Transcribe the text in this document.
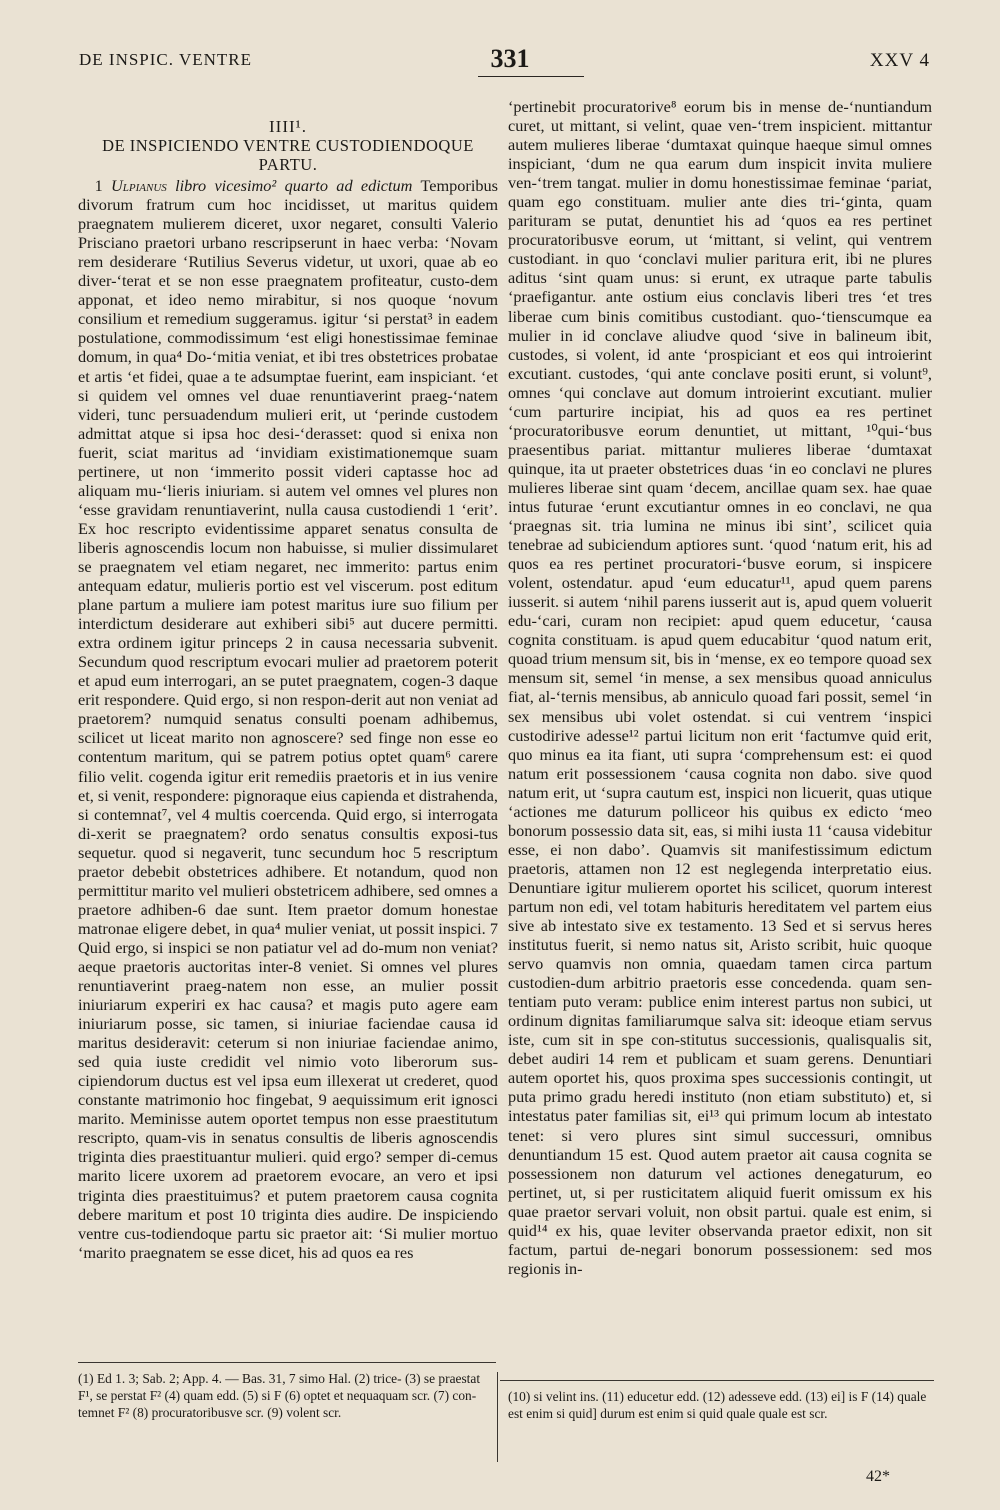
DE INSPIC. VENTRE	331	XXV 4
IIII¹.
DE INSPICIENDO VENTRE CUSTODIENDOQUE PARTU.

1 Ulpianus libro vicesimo² quarto ad edictum Temporibus divorum fratrum cum hoc incidisset, ut maritus quidem praegnatem mulierem diceret, uxor negaret, consulti Valerio Prisciano praetori urbano rescripserunt in haec verba: ‘Novam rem desiderare ‘Rutilius Severus videtur, ut uxori, quae ab eo diver-‘terat et se non esse praegnatem profiteatur, custo-dem apponat, et ideo nemo mirabitur, si nos quoque ‘novum consilium et remedium suggeramus. igitur ‘si perstat³ in eadem postulatione, commodissimum ‘est eligi honestissimae feminae domum, in qua⁴ Do-‘mitia veniat, et ibi tres obstetrices probatae et artis ‘et fidei, quae a te adsumptae fuerint, eam inspiciant. ‘et si quidem vel omnes vel duae renuntiaverint praeg-‘natem videri, tunc persuadendum mulieri erit, ut ‘perinde custodem admittat atque si ipsa hoc desi-‘derasset: quod si enixa non fuerit, sciat maritus ad ‘invidiam existimationemque suam pertinere, ut non ‘immerito possit videri captasse hoc ad aliquam mu-‘lieris iniuriam. si autem vel omnes vel plures non ‘esse gravidam renuntiaverint, nulla causa custodiendi 1 ‘erit’. Ex hoc rescripto evidentissime apparet senatus consulta de liberis agnoscendis locum non habuisse, si mulier dissimularet se praegnatem vel etiam negaret, nec immerito: partus enim antequam edatur, mulieris portio est vel viscerum. post editum plane partum a muliere iam potest maritus iure suo filium per interdictum desiderare aut exhiberi sibi⁵ aut ducere permitti. extra ordinem igitur princeps 2 in causa necessaria subvenit. Secundum quod rescriptum evocari mulier ad praetorem poterit et apud eum interrogari, an se putet praegnatem, cogen-3 daque erit respondere. Quid ergo, si non respon-derit aut non veniat ad praetorem? numquid senatus consulti poenam adhibemus, scilicet ut liceat marito non agnoscere? sed finge non esse eo contentum maritum, qui se patrem potius optet quam⁶ carere filio velit. cogenda igitur erit remediis praetoris et in ius venire et, si venit, respondere: pignoraque eius capienda et distrahenda, si contemnat⁷, vel 4 multis coercenda. Quid ergo, si interrogata di-xerit se praegnatem? ordo senatus consultis exposi-tus sequetur. quod si negaverit, tunc secundum hoc 5 rescriptum praetor debebit obstetrices adhibere. Et notandum, quod non permittitur marito vel mulieri obstetricem adhibere, sed omnes a praetore adhiben-6 dae sunt. Item praetor domum honestae matronae eligere debet, in qua⁴ mulier veniat, ut possit inspici. 7 Quid ergo, si inspici se non patiatur vel ad do-mum non veniat? aeque praetoris auctoritas inter-8 veniet. Si omnes vel plures renuntiaverint praeg-natem non esse, an mulier possit iniuriarum experiri ex hac causa? et magis puto agere eam iniuriarum posse, sic tamen, si iniuriae faciendae causa id maritus desideravit: ceterum si non iniuriae faciendae animo, sed quia iuste credidit vel nimio voto liberorum sus-cipiendorum ductus est vel ipsa eum illexerat ut crederet, quod constante matrimonio hoc fingebat, 9 aequissimum erit ignosci marito. Meminisse autem oportet tempus non esse praestitutum rescripto, quam-vis in senatus consultis de liberis agnoscendis triginta dies praestituantur mulieri. quid ergo? semper di-cemus marito licere uxorem ad praetorem evocare, an vero et ipsi triginta dies praestituimus? et putem praetorem causa cognita debere maritum et post 10 triginta dies audire. De inspiciendo ventre cus-todiendoque partu sic praetor ait: ‘Si mulier mortuo ‘marito praegnatem se esse dicet, his ad quos ea res

‘pertinebit procuratorive⁸ eorum bis in mense de-‘nuntiandum curet, ut mittant, si velint, quae ven-‘trem inspicient. mittantur autem mulieres liberae ‘dumtaxat quinque haeque simul omnes inspiciant, ‘dum ne qua earum dum inspicit invita muliere ven-‘trem tangat. mulier in domu honestissimae feminae ‘pariat, quam ego constituam. mulier ante dies tri-‘ginta, quam parituram se putat, denuntiet his ad ‘quos ea res pertinet procuratoribusve eorum, ut ‘mittant, si velint, qui ventrem custodiant. in quo ‘conclavi mulier paritura erit, ibi ne plures aditus ‘sint quam unus: si erunt, ex utraque parte tabulis ‘praefigantur. ante ostium eius conclavis liberi tres ‘et tres liberae cum binis comitibus custodiant. quo-‘tienscumque ea mulier in id conclave aliudve quod ‘sive in balineum ibit, custodes, si volent, id ante ‘prospiciant et eos qui introierint excutiant. custodes, ‘qui ante conclave positi erunt, si volunt⁹, omnes ‘qui conclave aut domum introierint excutiant. mulier ‘cum parturire incipiat, his ad quos ea res pertinet ‘procuratoribusve eorum denuntiet, ut mittant, ¹⁰qui-‘bus praesentibus pariat. mittantur mulieres liberae ‘dumtaxat quinque, ita ut praeter obstetrices duas ‘in eo conclavi ne plures mulieres liberae sint quam ‘decem, ancillae quam sex. hae quae intus futurae ‘erunt excutiantur omnes in eo conclavi, ne qua ‘praegnas sit. tria lumina ne minus ibi sint’, scilicet quia tenebrae ad subiciendum aptiores sunt. ‘quod ‘natum erit, his ad quos ea res pertinet procuratori-‘busve eorum, si inspicere volent, ostendatur. apud ‘eum educatur¹¹, apud quem parens iusserit. si autem ‘nihil parens iusserit aut is, apud quem voluerit edu-‘cari, curam non recipiet: apud quem educetur, ‘causa cognita constituam. is apud quem educabitur ‘quod natum erit, quoad trium mensum sit, bis in ‘mense, ex eo tempore quoad sex mensum sit, semel ‘in mense, a sex mensibus quoad anniculus fiat, al-‘ternis mensibus, ab anniculo quoad fari possit, semel ‘in sex mensibus ubi volet ostendat. si cui ventrem ‘inspici custodirive adesse¹² partui licitum non erit ‘factumve quid erit, quo minus ea ita fiant, uti supra ‘comprehensum est: ei quod natum erit possessionem ‘causa cognita non dabo. sive quod natum erit, ut ‘supra cautum est, inspici non licuerit, quas utique ‘actiones me daturum polliceor his quibus ex edicto ‘meo bonorum possessio data sit, eas, si mihi iusta 11 ‘causa videbitur esse, ei non dabo’. Quamvis sit manifestissimum edictum praetoris, attamen non 12 est neglegenda interpretatio eius. Denuntiare igitur mulierem oportet his scilicet, quorum interest partum non edi, vel totam habituris hereditatem vel partem eius sive ab intestato sive ex testamento. 13 Sed et si servus heres institutus fuerit, si nemo natus sit, Aristo scribit, huic quoque servo quamvis non omnia, quaedam tamen circa partum custodien-dum arbitrio praetoris esse concedenda. quam sen-tentiam puto veram: publice enim interest partus non subici, ut ordinum dignitas familiarumque salva sit: ideoque etiam servus iste, cum sit in spe con-stitutus successionis, qualisqualis sit, debet audiri 14 rem et publicam et suam gerens. Denuntiari autem oportet his, quos proxima spes successionis contingit, ut puta primo gradu heredi instituto (non etiam substituto) et, si intestatus pater familias sit, ei¹³ qui primum locum ab intestato tenet: si vero plures sint simul successuri, omnibus denuntiandum 15 est. Quod autem praetor ait causa cognita se possessionem non daturum vel actiones denegaturum, eo pertinet, ut, si per rusticitatem aliquid fuerit omissum ex his quae praetor servari voluit, non obsit partui. quale est enim, si quid¹⁴ ex his, quae leviter observanda praetor edixit, non sit factum, partui de-negari bonorum possessionem: sed mos regionis in-

(1) Ed 1. 3; Sab. 2; App. 4. — Bas. 31, 7 simo Hal. (2) trice- (3) se praestat F¹, se perstat F² (4) quam edd. (5) si F (6) optet et nequaquam scr. (7) con-temnet F² (8) procuratoribusve scr. (9) volent scr.
(10) si velint ins. (11) educetur edd. (12) adesseve edd. (13) ei] is F (14) quale est enim si quid] durum est enim si quid quale quale est scr.
42*
